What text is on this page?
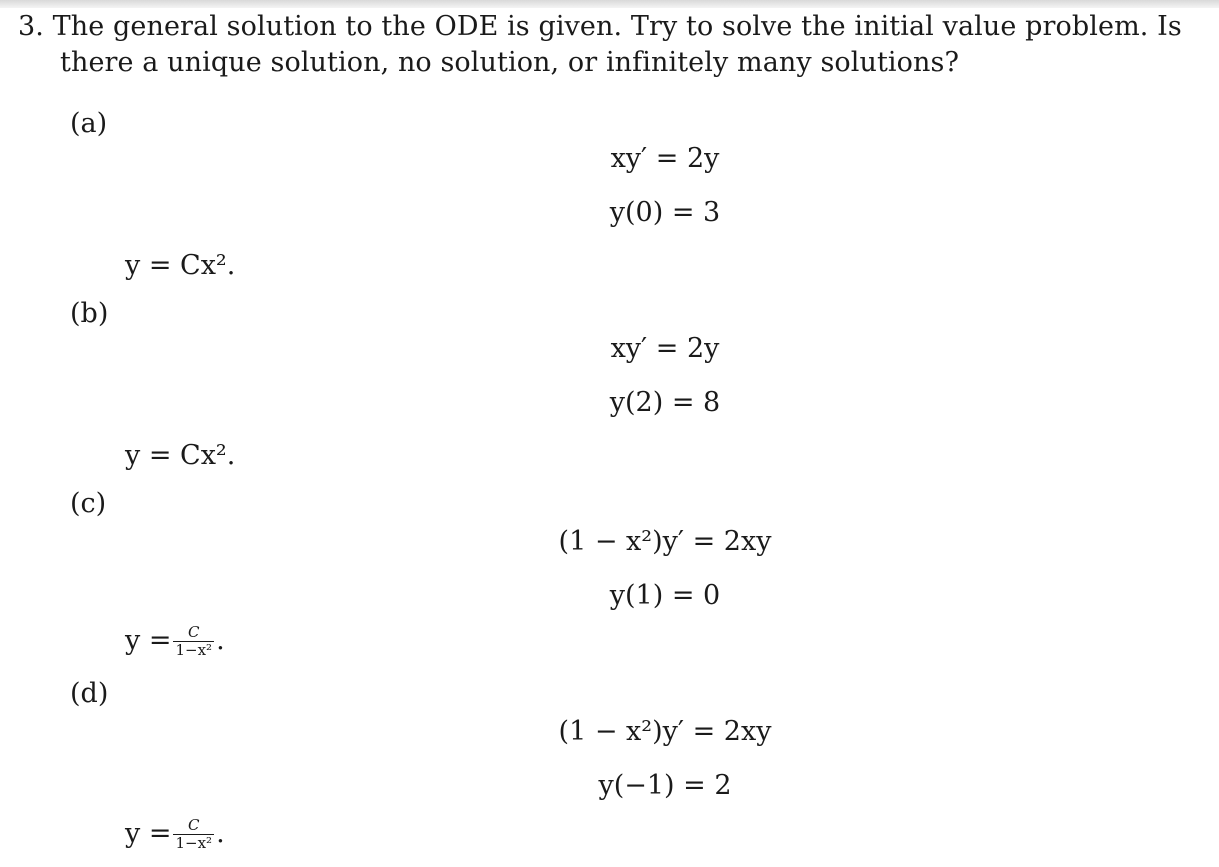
3. The general solution to the ODE is given. Try to solve the initial value problem. Is
there a unique solution, no solution, or infinitely many solutions?
(a)
xy′ = 2y
y(0) = 3
y = Cx².
(b)
xy′ = 2y
y(2) = 8
y = Cx².
(c)
(1 − x²)y′ = 2xy
y(1) = 0
$y = \frac{C}{\text{1−x²}}$ .
(d)
(1 − x²)y′ = 2xy
y(−1) = 2
$y = \frac{C}{\text{1−x²}}$ .
